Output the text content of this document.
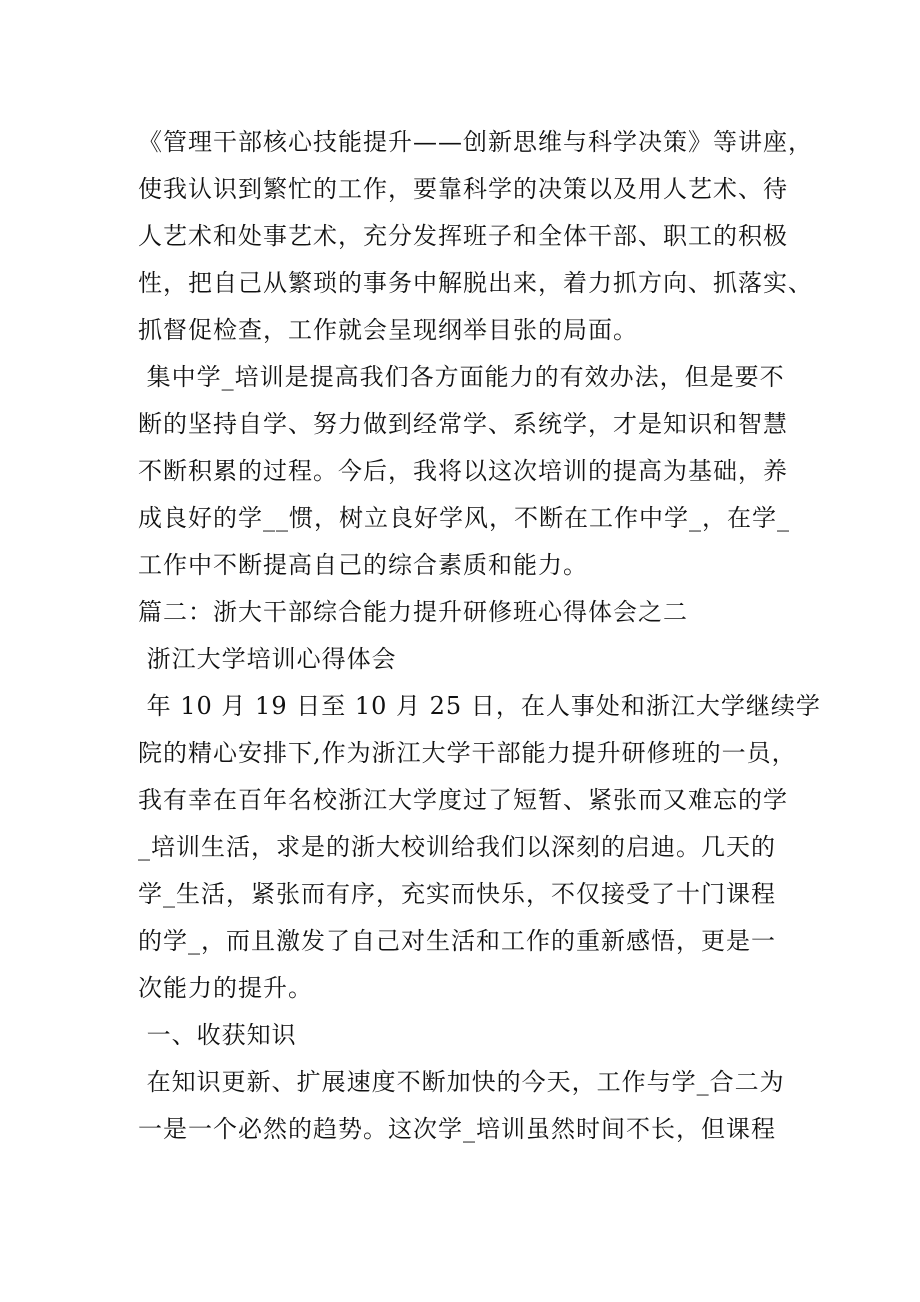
《管理干部核心技能提升——创新思维与科学决策》等讲座，
使我认识到繁忙的工作，要靠科学的决策以及用人艺术、待
人艺术和处事艺术，充分发挥班子和全体干部、职工的积极
性，把自己从繁琐的事务中解脱出来，着力抓方向、抓落实、
抓督促检查，工作就会呈现纲举目张的局面。
集中学_培训是提高我们各方面能力的有效办法，但是要不
断的坚持自学、努力做到经常学、系统学，才是知识和智慧
不断积累的过程。今后，我将以这次培训的提高为基础，养
成良好的学__惯，树立良好学风，不断在工作中学_，在学_
工作中不断提高自己的综合素质和能力。
篇二：浙大干部综合能力提升研修班心得体会之二
浙江大学培训心得体会
年 10 月 19 日至 10 月 25 日，在人事处和浙江大学继续学
院的精心安排下,作为浙江大学干部能力提升研修班的一员，
我有幸在百年名校浙江大学度过了短暂、紧张而又难忘的学
_培训生活，求是的浙大校训给我们以深刻的启迪。几天的
学_生活，紧张而有序，充实而快乐，不仅接受了十门课程
的学_，而且激发了自己对生活和工作的重新感悟，更是一
次能力的提升。
一、收获知识
在知识更新、扩展速度不断加快的今天，工作与学_合二为
一是一个必然的趋势。这次学_培训虽然时间不长，但课程
